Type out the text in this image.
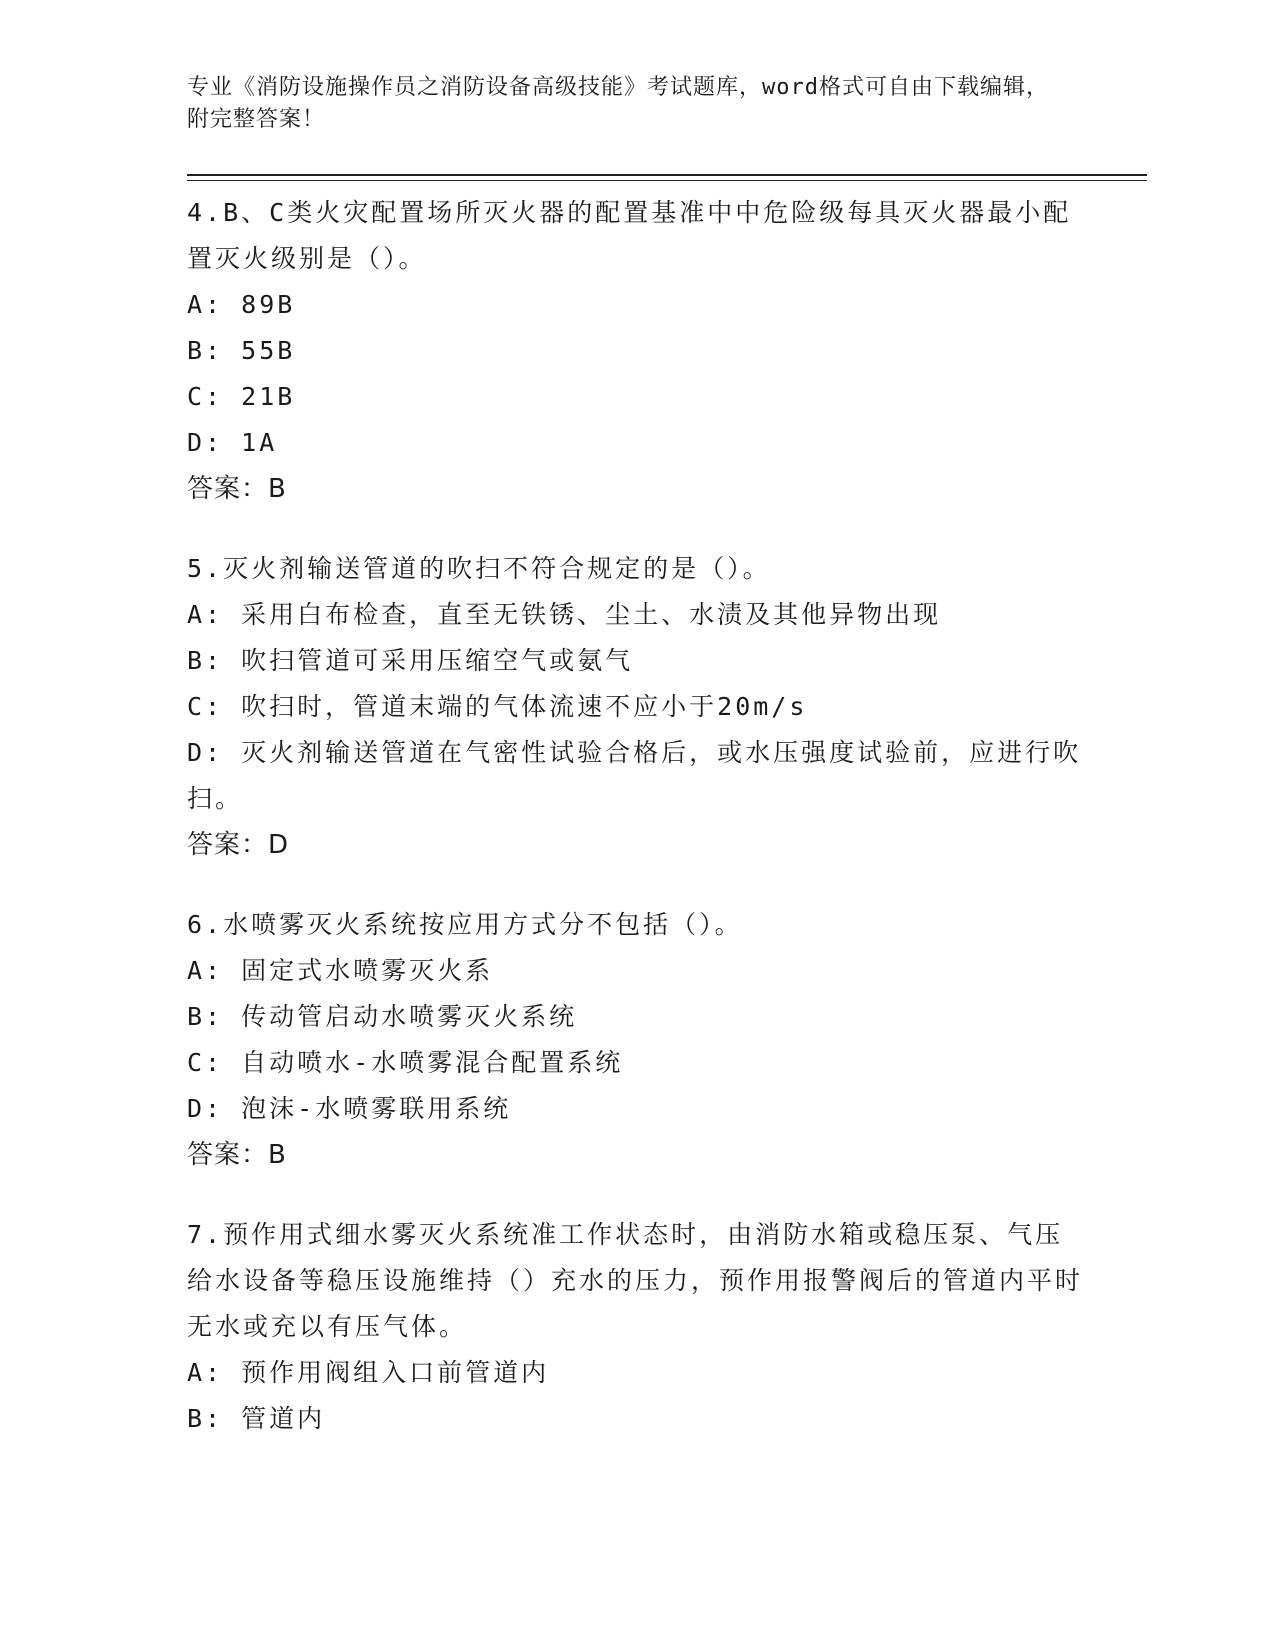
专业《消防设施操作员之消防设备高级技能》考试题库，word格式可自由下载编辑，附完整答案！
4.B、C类火灾配置场所灭火器的配置基准中中危险级每具灭火器最小配置灭火级别是（）。
A: 89B
B: 55B
C: 21B
D: 1A
答案：B
5.灭火剂输送管道的吹扫不符合规定的是（）。
A: 采用白布检查，直至无铁锈、尘土、水渍及其他异物出现
B: 吹扫管道可采用压缩空气或氨气
C: 吹扫时，管道末端的气体流速不应小于20m/s
D: 灭火剂输送管道在气密性试验合格后，或水压强度试验前，应进行吹扫。
答案：D
6.水喷雾灭火系统按应用方式分不包括（）。
A: 固定式水喷雾灭火系
B: 传动管启动水喷雾灭火系统
C: 自动喷水-水喷雾混合配置系统
D: 泡沫-水喷雾联用系统
答案：B
7.预作用式细水雾灭火系统准工作状态时，由消防水箱或稳压泵、气压给水设备等稳压设施维持（）充水的压力，预作用报警阀后的管道内平时无水或充以有压气体。
A: 预作用阀组入口前管道内
B: 管道内
